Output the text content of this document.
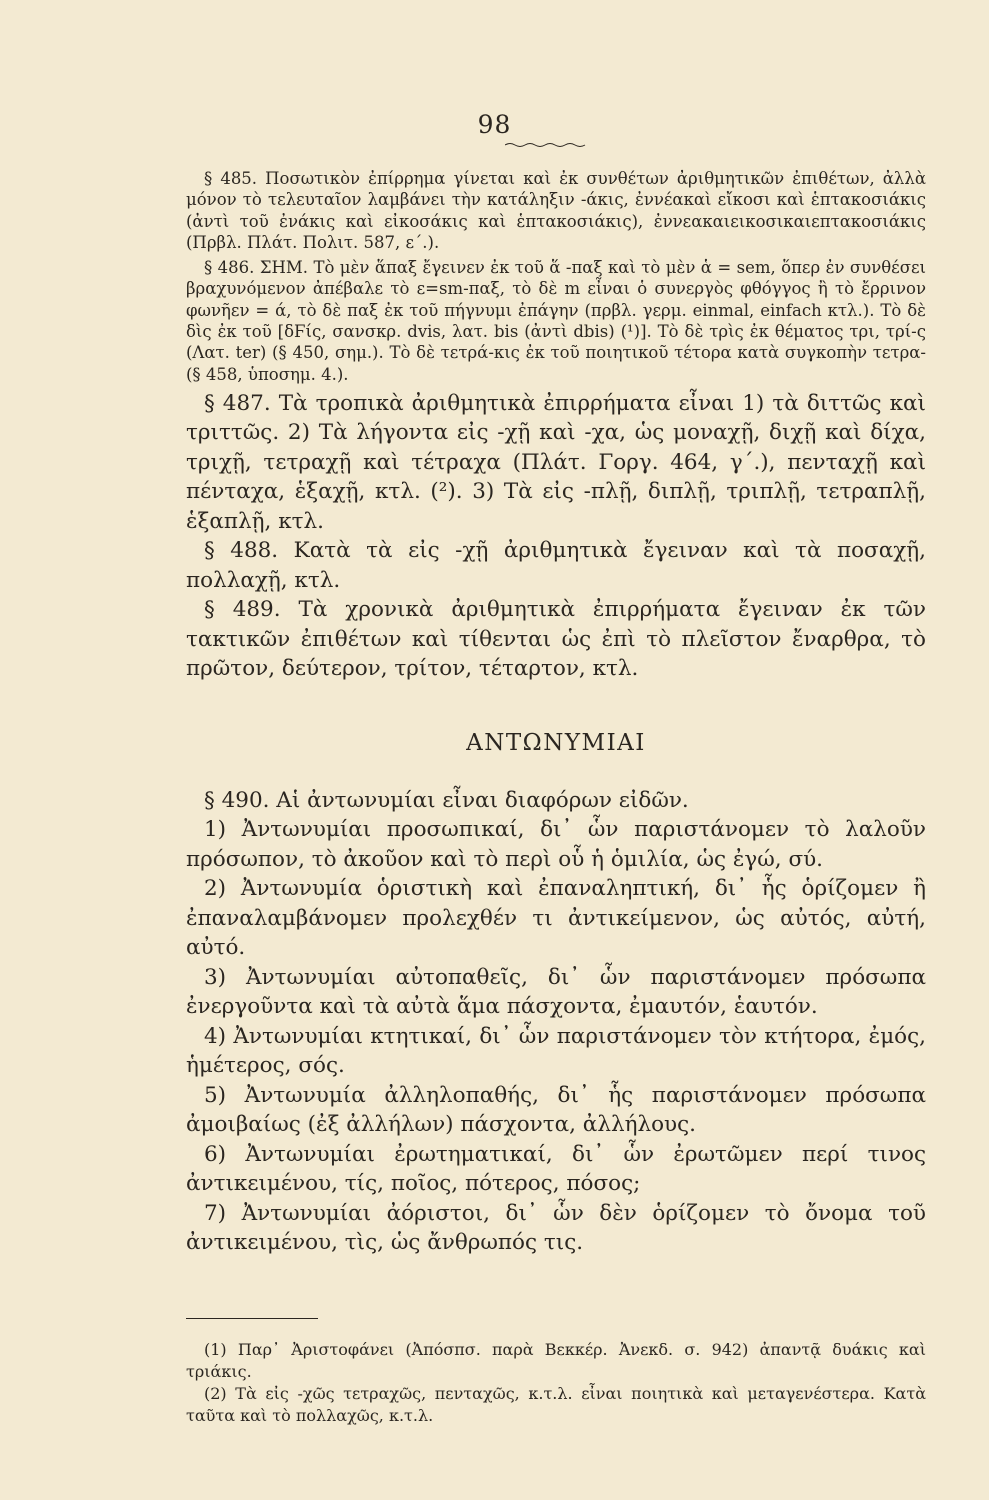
98

§ 485. Ποσωτικὸν ἐπίρρημα γίνεται καὶ ἐκ συνθέτων ἀριθμητικῶν ἐπιθέτων, ἀλλὰ μόνον τὸ τελευταῖον λαμβάνει τὴν κατάληξιν -άκις, ἐννέακαὶ εἴκοσι καὶ ἑπτακοσιάκις (ἀντὶ τοῦ ἐνάκις καὶ εἰκοσάκις καὶ ἑπτακοσιάκις), ἐννεακαιεικοσικαιεπτακοσιάκις (Πρβλ. Πλάτ. Πολιτ. 587, ε΄.).

§ 486. ΣΗΜ. Τὸ μὲν ἅπαξ ἔγεινεν ἐκ τοῦ ἅ -παξ καὶ τὸ μὲν ἁ = sem, ὅπερ ἐν συνθέσει βραχυνόμενον ἀπέβαλε τὸ ε=sm-παξ, τὸ δὲ m εἶναι ὁ συνεργὸς φθόγγος ἢ τὸ ἔρρινον φωνῆεν = ά, τὸ δὲ παξ ἐκ τοῦ πήγνυμι ἐπάγην (πρβλ. γερμ. einmal, einfach κτλ.). Τὸ δὲ δὶς ἐκ τοῦ [δϜίς, σανσκρ. dvis, λατ. bis (ἀντὶ dbis) (¹)]. Τὸ δὲ τρὶς ἐκ θέματος τρι, τρί-ς (Λατ. ter) (§ 450, σημ.). Τὸ δὲ τετρά-κις ἐκ τοῦ ποιητικοῦ τέτορα κατὰ συγκοπὴν τετρα- (§ 458, ὑποσημ. 4.).

§ 487. Τὰ τροπικὰ ἀριθμητικὰ ἐπιρρήματα εἶναι 1) τὰ διττῶς καὶ τριττῶς. 2) Τὰ λήγοντα εἰς -χῇ καὶ -χα, ὡς μοναχῇ, διχῇ καὶ δίχα, τριχῇ, τετραχῇ καὶ τέτραχα (Πλάτ. Γοργ. 464, γ΄.), πενταχῇ καὶ πένταχα, ἑξαχῇ, κτλ. (²). 3) Τὰ εἰς -πλῇ, διπλῇ, τριπλῇ, τετραπλῇ, ἑξαπλῇ, κτλ.

§ 488. Κατὰ τὰ εἰς -χῇ ἀριθμητικὰ ἔγειναν καὶ τὰ ποσαχῇ, πολλαχῇ, κτλ.

§ 489. Τὰ χρονικὰ ἀριθμητικὰ ἐπιρρήματα ἔγειναν ἐκ τῶν τακτικῶν ἐπιθέτων καὶ τίθενται ὡς ἐπὶ τὸ πλεῖστον ἔναρθρα, τὸ πρῶτον, δεύτερον, τρίτον, τέταρτον, κτλ.

ΑΝΤΩΝΥΜΙΑΙ

§ 490. Αἱ ἀντωνυμίαι εἶναι διαφόρων εἰδῶν.

1) Ἀντωνυμίαι προσωπικαί, δι᾿ ὧν παριστάνομεν τὸ λαλοῦν πρόσωπον, τὸ ἀκοῦον καὶ τὸ περὶ οὗ ἡ ὁμιλία, ὡς ἐγώ, σύ.

2) Ἀντωνυμία ὁριστικὴ καὶ ἐπαναληπτική, δι᾿ ἧς ὁρίζομεν ἢ ἐπαναλαμβάνομεν προλεχθέν τι ἀντικείμενον, ὡς αὐτός, αὐτή, αὐτό.

3) Ἀντωνυμίαι αὐτοπαθεῖς, δι᾿ ὧν παριστάνομεν πρόσωπα ἐνεργοῦντα καὶ τὰ αὐτὰ ἅμα πάσχοντα, ἐμαυτόν, ἑαυτόν.

4) Ἀντωνυμίαι κτητικαί, δι᾿ ὧν παριστάνομεν τὸν κτήτορα, ἐμός, ἡμέτερος, σός.

5) Ἀντωνυμία ἀλληλοπαθής, δι᾿ ἧς παριστάνομεν πρόσωπα ἀμοιβαίως (ἐξ ἀλλήλων) πάσχοντα, ἀλλήλους.

6) Ἀντωνυμίαι ἐρωτηματικαί, δι᾿ ὧν ἐρωτῶμεν περί τινος ἀντικειμένου, τίς, ποῖος, πότερος, πόσος;

7) Ἀντωνυμίαι ἀόριστοι, δι᾿ ὧν δὲν ὁρίζομεν τὸ ὄνομα τοῦ ἀντικειμένου, τὶς, ὡς ἄνθρωπός τις.

(1) Παρ᾿ Ἀριστοφάνει (Ἀπόσπσ. παρὰ Βεκκέρ. Ἀνεκδ. σ. 942) ἀπαντᾷ δυάκις καὶ τριάκις.

(2) Τὰ εἰς -χῶς τετραχῶς, πενταχῶς, κ.τ.λ. εἶναι ποιητικὰ καὶ μεταγενέστερα. Κατὰ ταῦτα καὶ τὸ πολλαχῶς, κ.τ.λ.
